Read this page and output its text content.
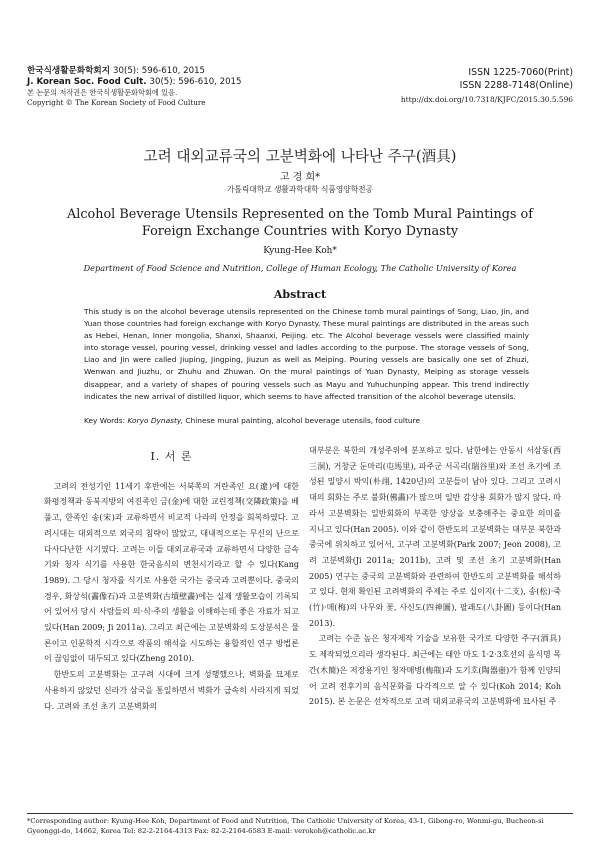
한국식생활문화학회지 30(5): 596-610, 2015
J. Korean Soc. Food Cult. 30(5): 596-610, 2015
본 논문의 저작권은 한국식생활문화학회에 있음.
Copyright © The Korean Society of Food Culture
ISSN 1225-7060(Print)
ISSN 2288-7148(Online)
http://dx.doi.org/10.7318/KJFC/2015.30.5.596
고려 대외교류국의 고분벽화에 나타난 주구(酒具)
고 경 희*
가톨릭대학교 생활과학대학 식품영양학전공
Alcohol Beverage Utensils Represented on the Tomb Mural Paintings of
Foreign Exchange Countries with Koryo Dynasty
Kyung-Hee Koh*
Department of Food Science and Nutrition, College of Human Ecology, The Catholic University of Korea
Abstract
This study is on the alcohol beverage utensils represented on the Chinese tomb mural paintings of Song, Liao, Jin, and Yuan those countries had foreign exchange with Koryo Dynasty. These mural paintings are distributed in the areas such as Hebei, Henan, Inner mongolia, Shanxi, Shaanxi, Peijing. etc. The Alcohol beverage vessels were classified mainly into storage vessel, pouring vessel, drinking vessel and ladles according to the purpose. The storage vessels of Song, Liao and Jin were called Jiuping, Jingping, Jiuzun as well as Meiping. Pouring vessels are basically one set of Zhuzi, Wenwan and Jiuzhu, or Zhuhu and Zhuwan. On the mural paintings of Yuan Dynasty, Meiping as storage vessels disappear, and a variety of shapes of pouring vessels such as Mayu and Yuhuchunping appear. This trend indirectly indicates the new arrival of distilled liquor, which seems to have affected transition of the alcohol beverage utensils.
Key Words: Koryo Dynasty, Chinese mural painting, alcohol beverage utensils, food culture
I. 서 론

고려의 전성기인 11세기 후반에는 서북쪽의 거란족인 요(遼)에 대한 화평정책과 동북지방의 여진족인 금(金)에 대한 교린정책(交隣政策)을 베풀고, 한족인 송(宋)과 교류하면서 비교적 나라의 안정을 회복하였다. 고려시대는 대외적으로 외국의 침략이 많았고, 대내적으로는 무신의 난으로 다사다난한 시기였다. 고려는 이들 대외교류국과 교류하면서 다양한 금속기와 청자 식기를 사용한 한국음식의 변천시기라고 할 수 있다(Kang 1989). 그 당시 청자를 식기로 사용한 국가는 중국과 고려뿐이다. 중국의 경우, 화상석(畵像石)과 고분벽화(古墳壁畵)에는 실제 생활모습이 기록되어 있어서 당시 사람들의 의·식·주의 생활을 이해하는데 좋은 자료가 되고 있다(Han 2009; Ji 2011a). 그리고 최근에는 고분벽화의 도상분석은 물론이고 인문학적 시각으로 작품의 해석을 시도하는 융합적인 연구 방법론이 끊임없이 대두되고 있다(Zheng 2010).

한반도의 고분벽화는 고구려 시대에 크게 성행했으나, 벽화를 묘제로 사용하지 않았던 신라가 삼국을 통일하면서 벽화가 급속히 사라지게 되었다. 고려와 조선 초기 고분벽화의

대부분은 북한의 개성주위에 분포하고 있다. 남한에는 안동시 서삼동(西三洞), 거창군 둔마리(屯馬里), 파주군 서곡리(瑞谷里)와 조선 초기에 조성된 밀양시 박익(朴翊, 1420년)의 고분들이 남아 있다. 그리고 고려시대의 회화는 주로 불화(佛畵)가 많으며 일반 감상용 회화가 많지 않다. 따라서 고분벽화는 일반회화의 부족한 양상을 보충해주는 중요한 의미를 지니고 있다(Han 2005). 이와 같이 한반도의 고분벽화는 대부분 북한과 중국에 위치하고 있어서, 고구려 고분벽화(Park 2007; Jeon 2008), 고려 고분벽화(Ji 2011a; 2011b), 고려 및 조선 초기 고분벽화(Han 2005) 연구는 중국의 고분벽화와 관련하여 한반도의 고분벽화를 해석하고 있다. 현재 확인된 고려벽화의 주제는 주로 십이지(十二支), 송(松)·죽(竹)·매(梅)의 나무와 꽃, 사신도(四神圖), 팔괘도(八卦圖) 등이다(Han 2013).

고려는 수준 높은 청자제작 기술을 보유한 국가로 다양한 주구(酒具)도 제작되었으리라 생각된다. 최근에는 태안 마도 1·2·3호선의 음식명 목간(木簡)은 저장용기인 청자매병(梅甁)과 도기호(陶器壺)가 함께 인양되어 고려 전후기의 음식문화를 다각적으로 알 수 있다(Koh 2014; Koh 2015). 본 논문은 선차적으로 고려 대외교류국의 고분벽화에 묘사된 주

*Corresponding author: Kyung-Hee Koh, Department of Food and Nutrition, The Catholic University of Korea, 43-1, Gibong-ro, Wonmi-gu, Bucheon-si Gyeonggi-do, 14662, Korea Tel: 82-2-2164-4313 Fax: 82-2-2164-6583 E-mail: verokoh@catholic.ac.kr
